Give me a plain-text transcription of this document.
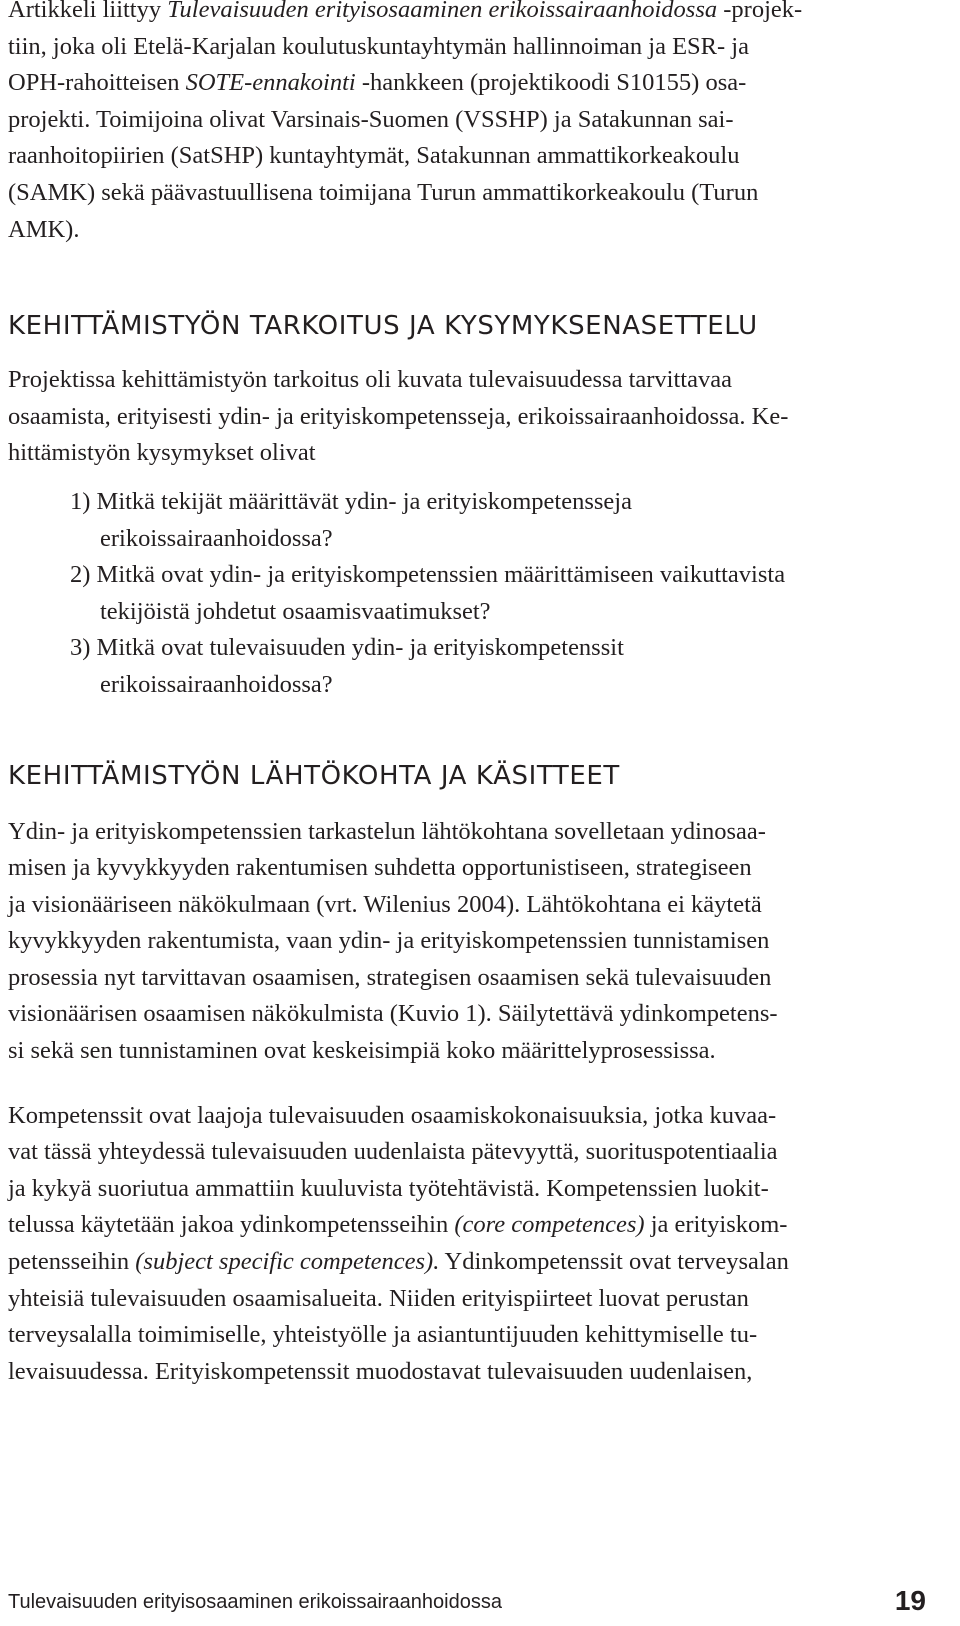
Artikkeli liittyy Tulevaisuuden erityisosaaminen erikoissairaanhoidossa -projek-
tiin, joka oli Etelä-Karjalan koulutuskuntayhtymän hallinnoiman ja ESR- ja
OPH-rahoitteisen SOTE-ennakointi -hankkeen (projektikoodi S10155) osa-
projekti. Toimijoina olivat Varsinais-Suomen (VSSHP) ja Satakunnan sai-
raanhoitopiirien (SatSHP) kuntayhtymät, Satakunnan ammattikorkeakoulu
(SAMK) sekä päävastuullisena toimijana Turun ammattikorkeakoulu (Turun
AMK).

KEHITTÄMISTYÖN TARKOITUS JA KYSYMYKSENASETTELU

Projektissa kehittämistyön tarkoitus oli kuvata tulevaisuudessa tarvittavaa
osaamista, erityisesti ydin- ja erityiskompetensseja, erikoissairaanhoidossa. Ke-
hittämistyön kysymykset olivat

1) Mitkä tekijät määrittävät ydin- ja erityiskompetensseja
erikoissairaanhoidossa?
2) Mitkä ovat ydin- ja erityiskompetenssien määrittämiseen vaikuttavista
tekijöistä johdetut osaamisvaatimukset?
3) Mitkä ovat tulevaisuuden ydin- ja erityiskompetenssit
erikoissairaanhoidossa?
KEHITTÄMISTYÖN LÄHTÖKOHTA JA KÄSITTEET

Ydin- ja erityiskompetenssien tarkastelun lähtökohtana sovelletaan ydinosaa-
misen ja kyvykkyyden rakentumisen suhdetta opportunistiseen, strategiseen
ja visionääriseen näkökulmaan (vrt. Wilenius 2004). Lähtökohtana ei käytetä
kyvykkyyden rakentumista, vaan ydin- ja erityiskompetenssien tunnistamisen
prosessia nyt tarvittavan osaamisen, strategisen osaamisen sekä tulevaisuuden
visionäärisen osaamisen näkökulmista (Kuvio 1). Säilytettävä ydinkompetens-
si sekä sen tunnistaminen ovat keskeisimpiä koko määrittelyprosessissa.

Kompetenssit ovat laajoja tulevaisuuden osaamiskokonaisuuksia, jotka kuvaa-
vat tässä yhteydessä tulevaisuuden uudenlaista pätevyyttä, suorituspotentiaalia
ja kykyä suoriutua ammattiin kuuluvista työtehtävistä. Kompetenssien luokit-
telussa käytetään jakoa ydinkompetensseihin (core competences) ja erityiskom-
petensseihin (subject specific competences). Ydinkompetenssit ovat terveysalan
yhteisiä tulevaisuuden osaamisalueita. Niiden erityispiirteet luovat perustan
terveysalalla toimimiselle, yhteistyölle ja asiantuntijuuden kehittymiselle tu-
levaisuudessa. Erityiskompetenssit muodostavat tulevaisuuden uudenlaisen,

Tulevaisuuden erityisosaaminen erikoissairaanhoidossa	19
